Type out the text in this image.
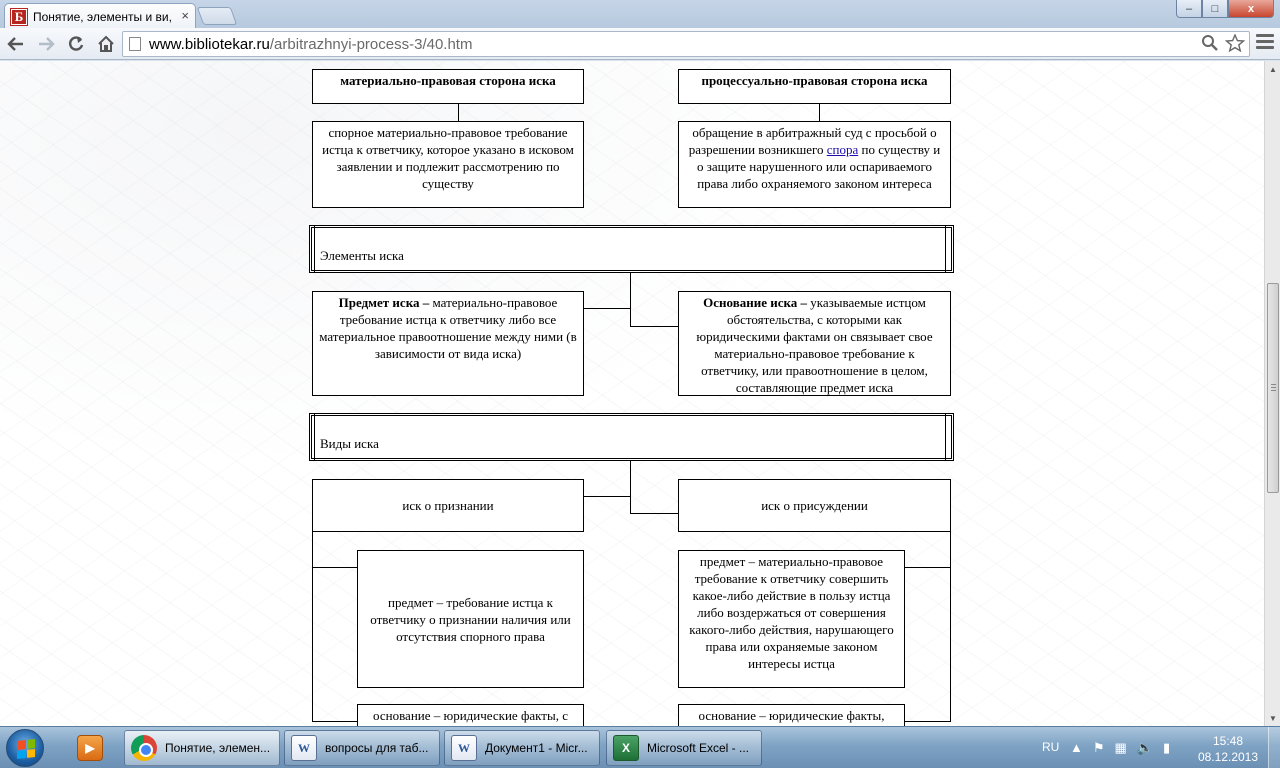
Б Понятие, элементы и ви, ×	–	□	x
www.bibliotekar.ru/arbitrazhnyi-process-3/40.htm
материально-правовая сторона иска	процессуально-правовая сторона иска
спорное материально-правовое требование истца к ответчику, которое указано в исковом заявлении и подлежит рассмотрению по существу
обращение в арбитражный суд с просьбой о разрешении возникшего спора по существу и о защите нарушенного или оспариваемого права либо охраняемого законом интереса
Элементы иска
Предмет иска – материально-правовое требование истца к ответчику либо все материальное правоотношение между ними (в зависимости от вида иска)
Основание иска – указываемые истцом обстоятельства, с которыми как юридическими фактами он связывает свое материально-правовое требование к ответчику, или правоотношение в целом, составляющие предмет иска
Виды иска
иск о признании	иск о присуждении
предмет – требование истца к ответчику о признании наличия или отсутствия спорного права
предмет – материально-правовое требование к ответчику совершить какое-либо действие в пользу истца либо воздержаться от совершения какого-либо действия, нарушающего права или охраняемые законом интересы истца
основание – юридические факты, с	основание – юридические факты,
▲
▼
▶	Понятие, элемен...	W	вопросы для таб...	W	Документ1 - Micr...	X	Microsoft Excel - ...	RU ▲ ⚑ ▦ 🔈 ▮	15:48
08.12.2013
